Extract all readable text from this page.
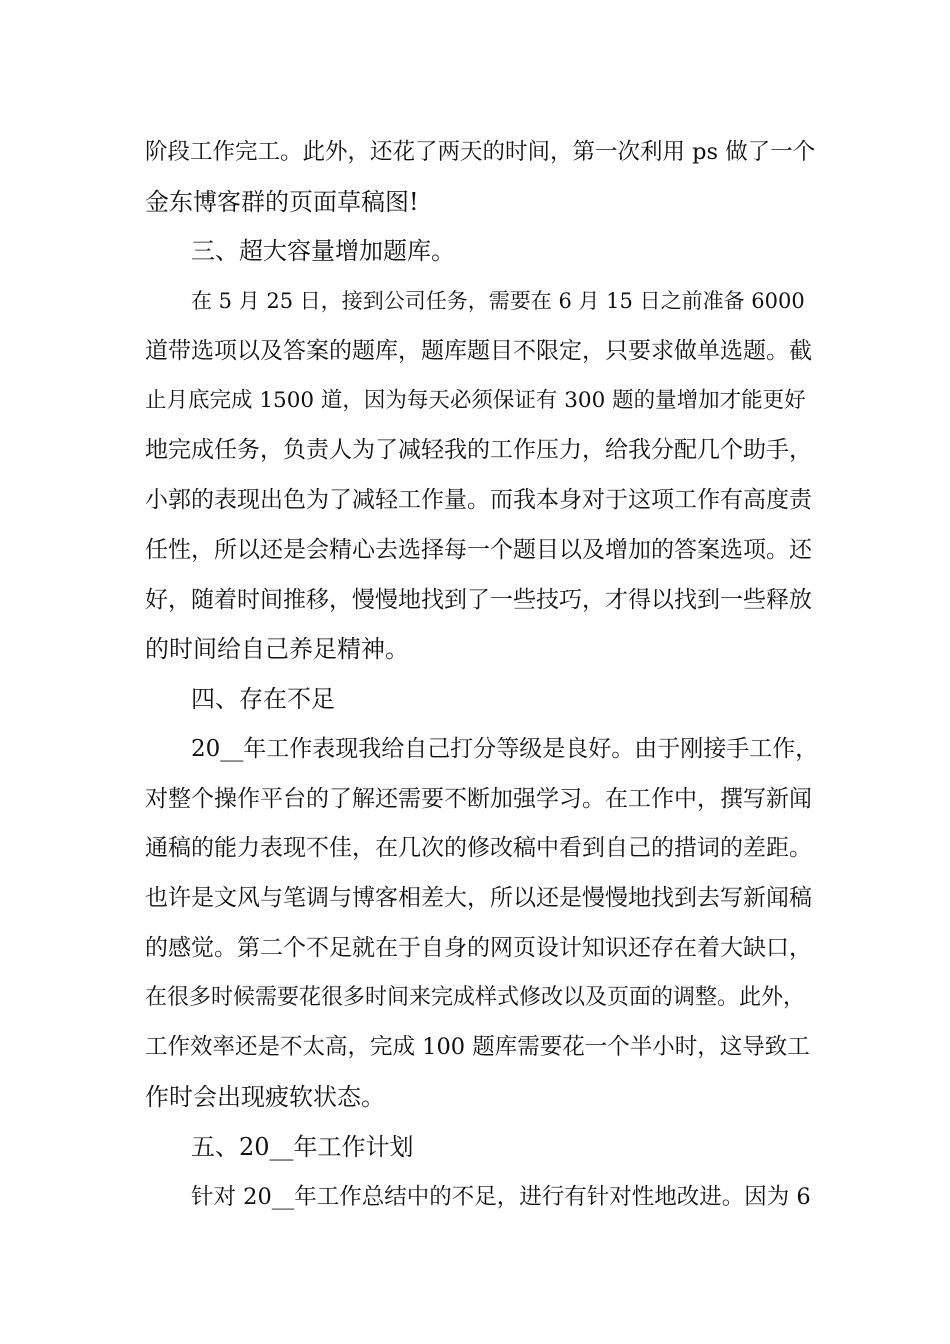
阶段工作完工。此外，还花了两天的时间，第一次利用 ps 做了一个
金东博客群的页面草稿图!
三、超大容量增加题库。
在 5 月 25 日，接到公司任务，需要在 6 月 15 日之前准备 6000
道带选项以及答案的题库，题库题目不限定，只要求做单选题。截
止月底完成 1500 道，因为每天必须保证有 300 题的量增加才能更好
地完成任务，负责人为了减轻我的工作压力，给我分配几个助手，
小郭的表现出色为了减轻工作量。而我本身对于这项工作有高度责
任性，所以还是会精心去选择每一个题目以及增加的答案选项。还
好，随着时间推移，慢慢地找到了一些技巧，才得以找到一些释放
的时间给自己养足精神。
四、存在不足
20__年工作表现我给自己打分等级是良好。由于刚接手工作，
对整个操作平台的了解还需要不断加强学习。在工作中，撰写新闻
通稿的能力表现不佳，在几次的修改稿中看到自己的措词的差距。
也许是文风与笔调与博客相差大，所以还是慢慢地找到去写新闻稿
的感觉。第二个不足就在于自身的网页设计知识还存在着大缺口，
在很多时候需要花很多时间来完成样式修改以及页面的调整。此外，
工作效率还是不太高，完成 100 题库需要花一个半小时，这导致工
作时会出现疲软状态。
五、20__年工作计划
针对 20__年工作总结中的不足，进行有针对性地改进。因为 6
